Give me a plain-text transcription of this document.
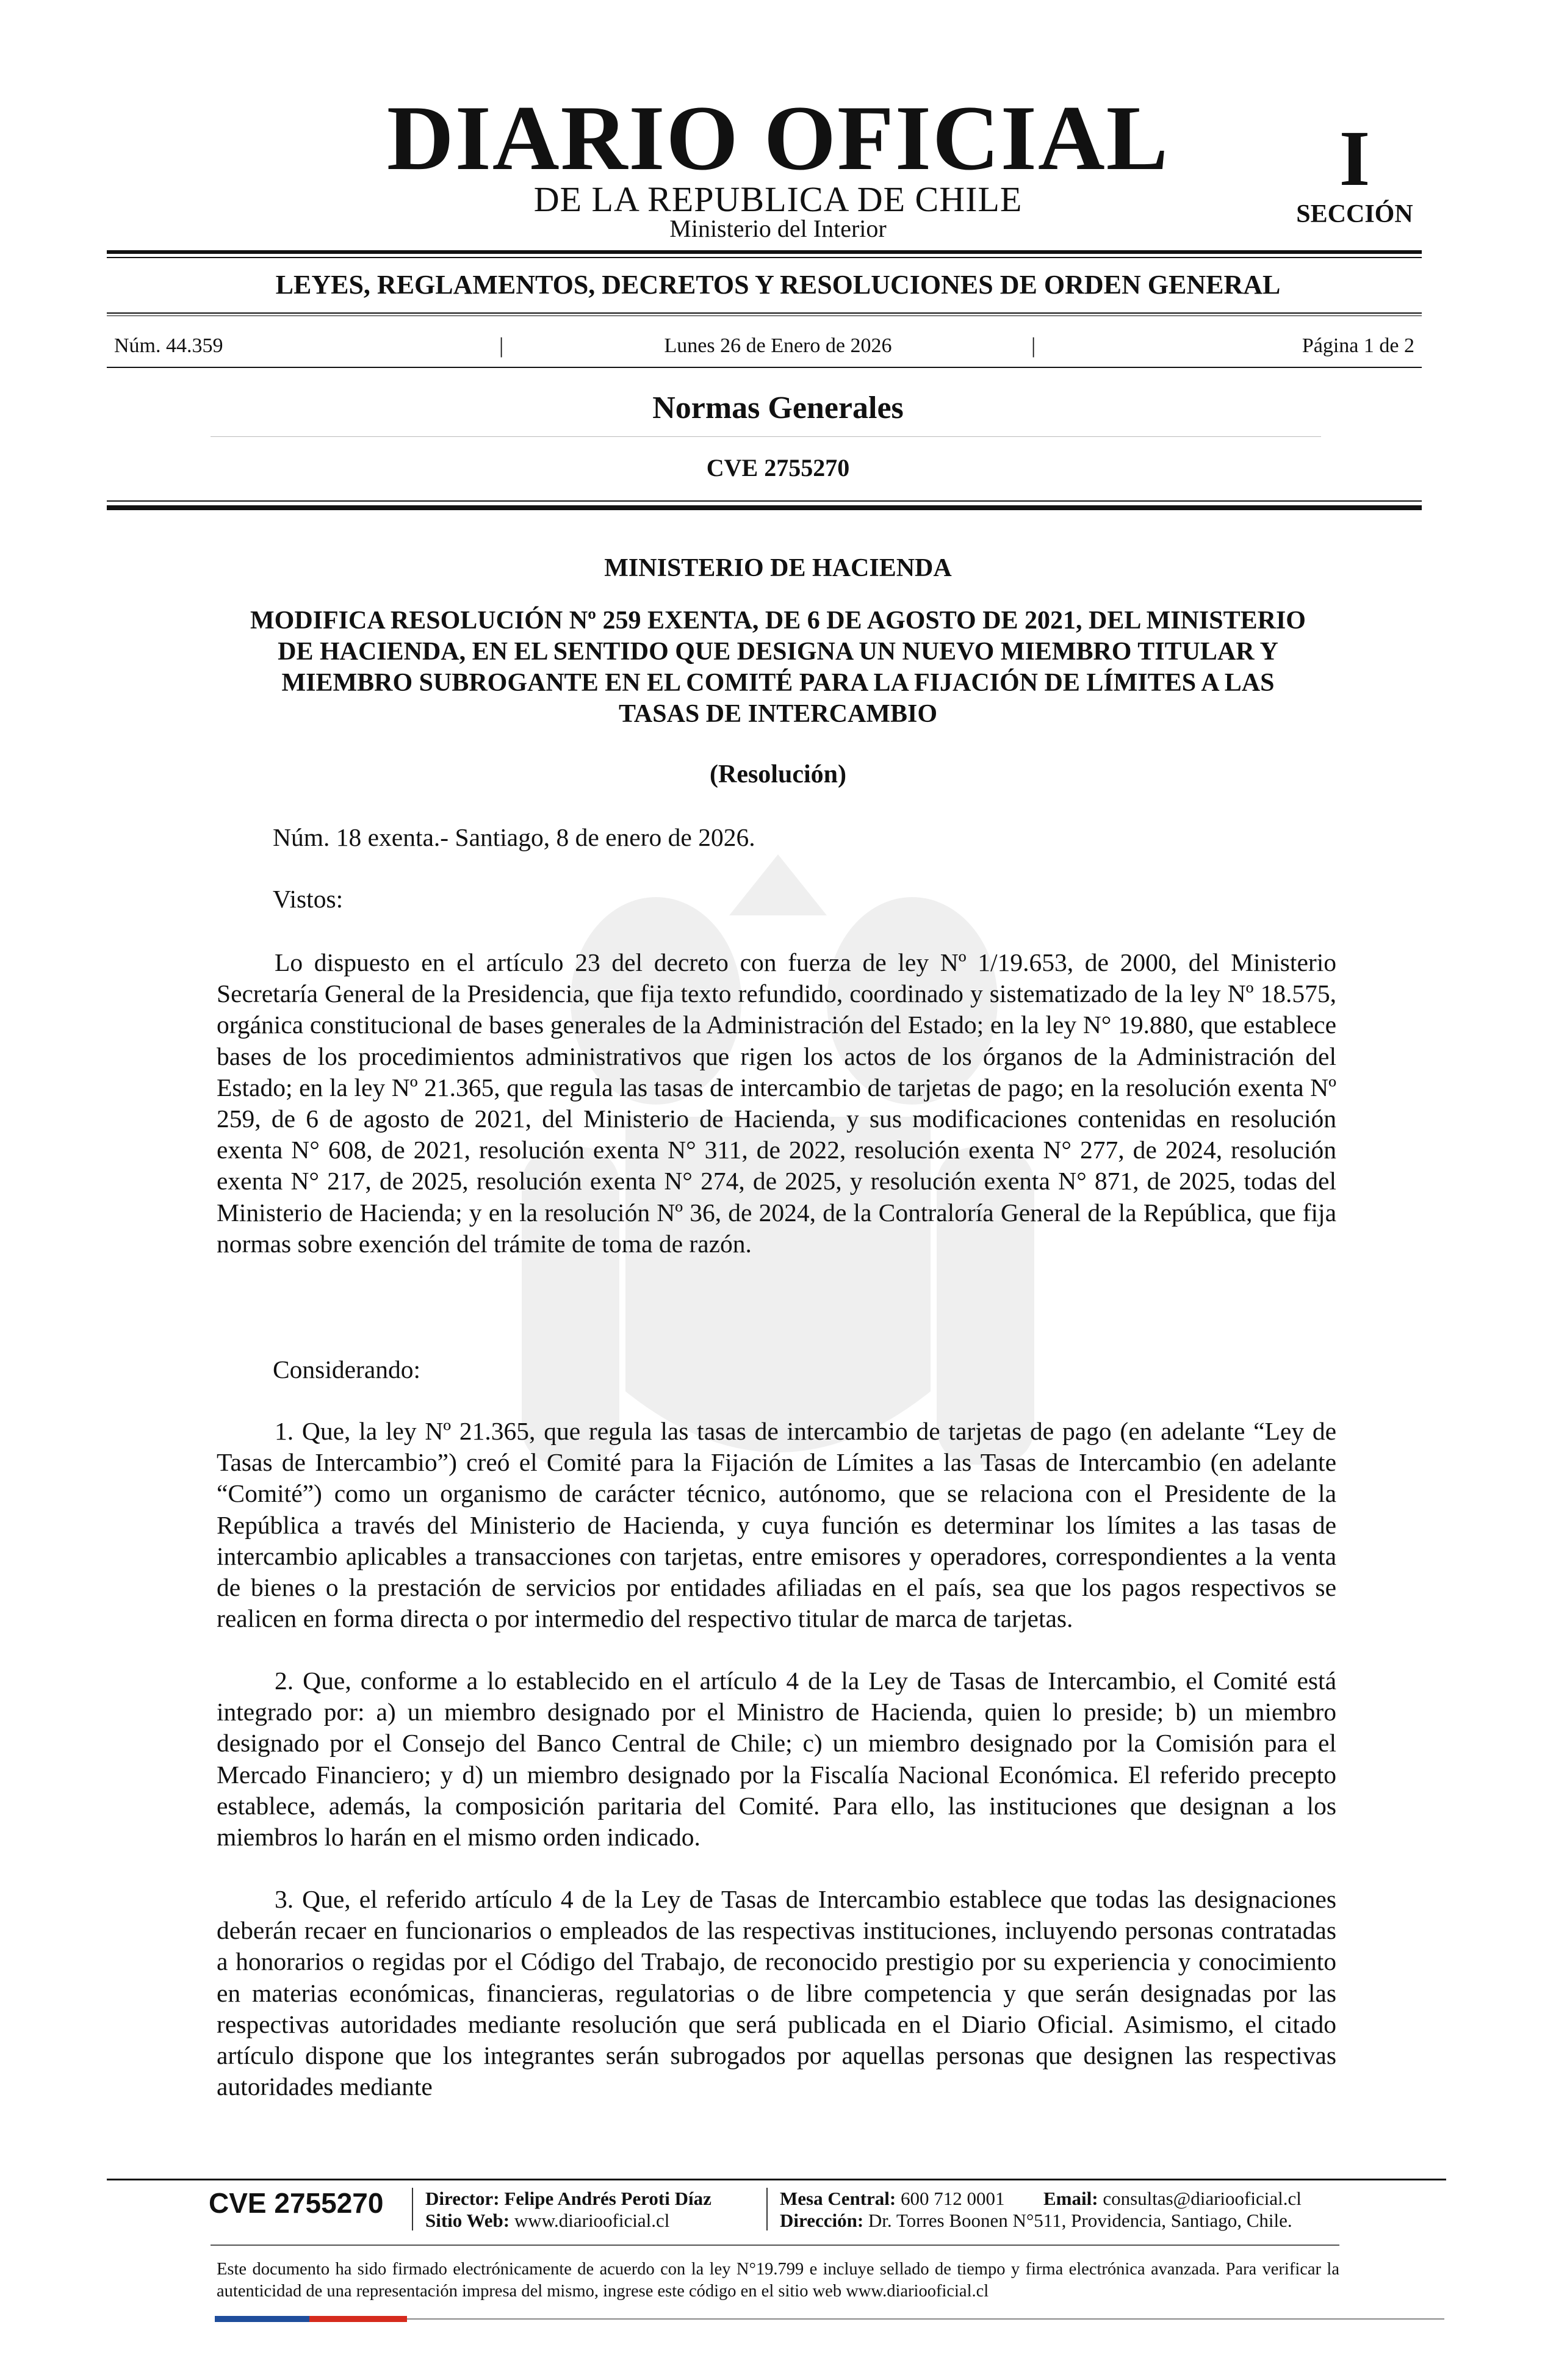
DIARIO OFICIAL
DE LA REPUBLICA DE CHILE
Ministerio del Interior
I
SECCIÓN
LEYES, REGLAMENTOS, DECRETOS Y RESOLUCIONES DE ORDEN GENERAL
Núm. 44.359	|	Lunes 26 de Enero de 2026	|	Página 1 de 2
Normas Generales
CVE 2755270
MINISTERIO DE HACIENDA
MODIFICA RESOLUCIÓN Nº 259 EXENTA, DE 6 DE AGOSTO DE 2021, DEL MINISTERIO DE HACIENDA, EN EL SENTIDO QUE DESIGNA UN NUEVO MIEMBRO TITULAR Y MIEMBRO SUBROGANTE EN EL COMITÉ PARA LA FIJACIÓN DE LÍMITES A LAS TASAS DE INTERCAMBIO
(Resolución)
Núm. 18 exenta.- Santiago, 8 de enero de 2026.
Vistos:
Lo dispuesto en el artículo 23 del decreto con fuerza de ley Nº 1/19.653, de 2000, del Ministerio Secretaría General de la Presidencia, que fija texto refundido, coordinado y sistematizado de la ley Nº 18.575, orgánica constitucional de bases generales de la Administración del Estado; en la ley N° 19.880, que establece bases de los procedimientos administrativos que rigen los actos de los órganos de la Administración del Estado; en la ley Nº 21.365, que regula las tasas de intercambio de tarjetas de pago; en la resolución exenta Nº 259, de 6 de agosto de 2021, del Ministerio de Hacienda, y sus modificaciones contenidas en resolución exenta N° 608, de 2021, resolución exenta N° 311, de 2022, resolución exenta N° 277, de 2024, resolución exenta N° 217, de 2025, resolución exenta N° 274, de 2025, y resolución exenta N° 871, de 2025, todas del Ministerio de Hacienda; y en la resolución Nº 36, de 2024, de la Contraloría General de la República, que fija normas sobre exención del trámite de toma de razón.
Considerando:
1. Que, la ley Nº 21.365, que regula las tasas de intercambio de tarjetas de pago (en adelante “Ley de Tasas de Intercambio”) creó el Comité para la Fijación de Límites a las Tasas de Intercambio (en adelante “Comité”) como un organismo de carácter técnico, autónomo, que se relaciona con el Presidente de la República a través del Ministerio de Hacienda, y cuya función es determinar los límites a las tasas de intercambio aplicables a transacciones con tarjetas, entre emisores y operadores, correspondientes a la venta de bienes o la prestación de servicios por entidades afiliadas en el país, sea que los pagos respectivos se realicen en forma directa o por intermedio del respectivo titular de marca de tarjetas.
2. Que, conforme a lo establecido en el artículo 4 de la Ley de Tasas de Intercambio, el Comité está integrado por: a) un miembro designado por el Ministro de Hacienda, quien lo preside; b) un miembro designado por el Consejo del Banco Central de Chile; c) un miembro designado por la Comisión para el Mercado Financiero; y d) un miembro designado por la Fiscalía Nacional Económica. El referido precepto establece, además, la composición paritaria del Comité. Para ello, las instituciones que designan a los miembros lo harán en el mismo orden indicado.
3. Que, el referido artículo 4 de la Ley de Tasas de Intercambio establece que todas las designaciones deberán recaer en funcionarios o empleados de las respectivas instituciones, incluyendo personas contratadas a honorarios o regidas por el Código del Trabajo, de reconocido prestigio por su experiencia y conocimiento en materias económicas, financieras, regulatorias o de libre competencia y que serán designadas por las respectivas autoridades mediante resolución que será publicada en el Diario Oficial. Asimismo, el citado artículo dispone que los integrantes serán subrogados por aquellas personas que designen las respectivas autoridades mediante
CVE 2755270	Director: Felipe Andrés Peroti Díaz
Sitio Web: www.diariooficial.cl
Mesa Central: 600 712 0001 Email: consultas@diariooficial.cl
Dirección: Dr. Torres Boonen N°511, Providencia, Santiago, Chile.
Este documento ha sido firmado electrónicamente de acuerdo con la ley N°19.799 e incluye sellado de tiempo y firma electrónica avanzada. Para verificar la autenticidad de una representación impresa del mismo, ingrese este código en el sitio web www.diariooficial.cl
